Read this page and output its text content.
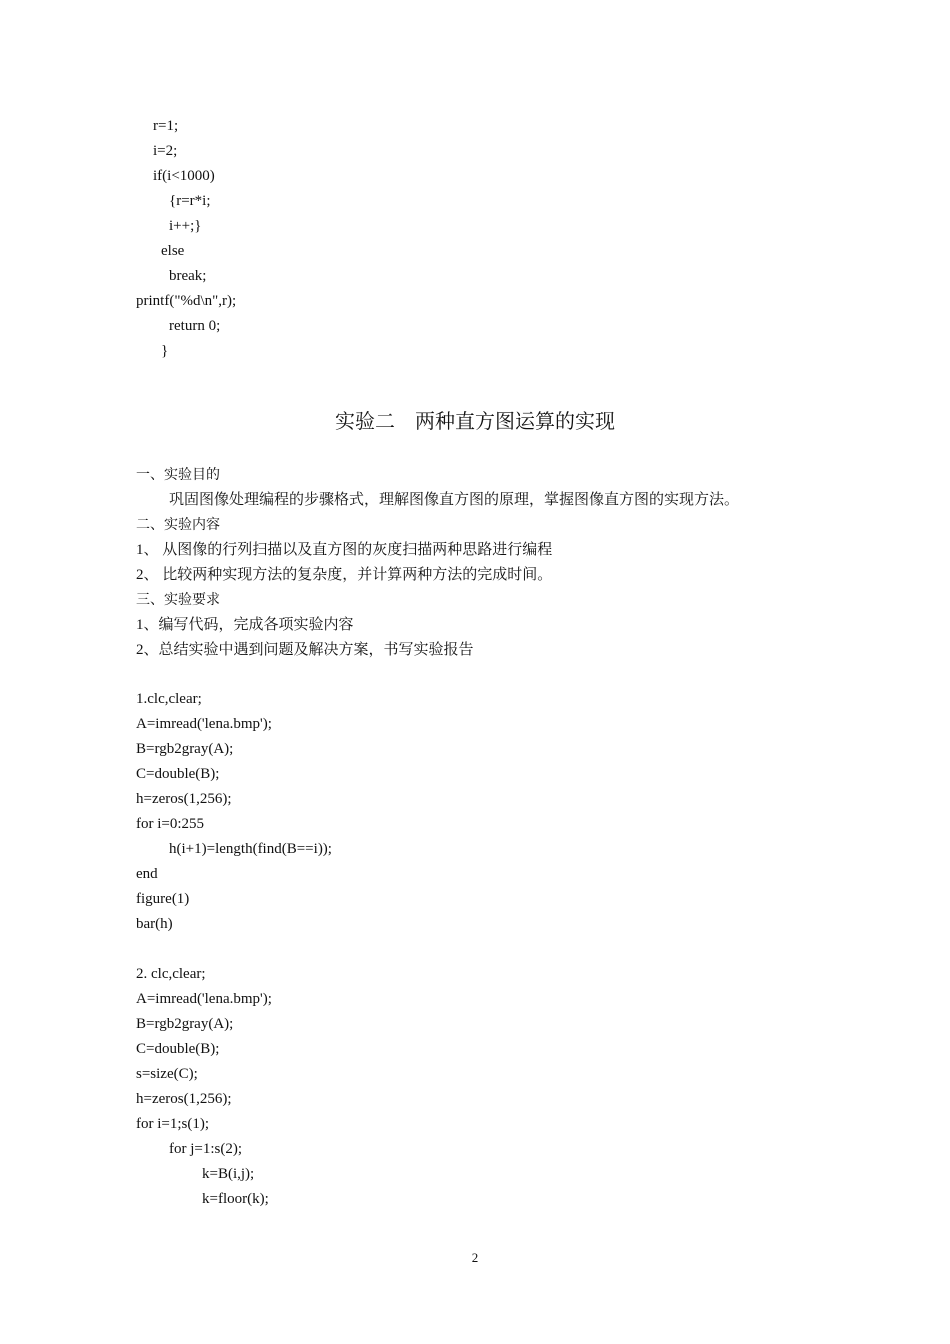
r=1;
i=2;
if(i<1000)
{r=r*i;
i++;}
else
break;
printf("%d\n",r);
return 0;
}
实验二　两种直方图运算的实现
一、实验目的
巩固图像处理编程的步骤格式，理解图像直方图的原理，掌握图像直方图的实现方法。
二、实验内容
1、 从图像的行列扫描以及直方图的灰度扫描两种思路进行编程
2、 比较两种实现方法的复杂度，并计算两种方法的完成时间。
三、实验要求
1、编写代码，完成各项实验内容
2、总结实验中遇到问题及解决方案，书写实验报告
1.clc,clear;
A=imread('lena.bmp');
B=rgb2gray(A);
C=double(B);
h=zeros(1,256);
for i=0:255
h(i+1)=length(find(B==i));
end
figure(1)
bar(h)
2. clc,clear;
A=imread('lena.bmp');
B=rgb2gray(A);
C=double(B);
s=size(C);
h=zeros(1,256);
for i=1;s(1);
for j=1:s(2);
k=B(i,j);
k=floor(k);
2
